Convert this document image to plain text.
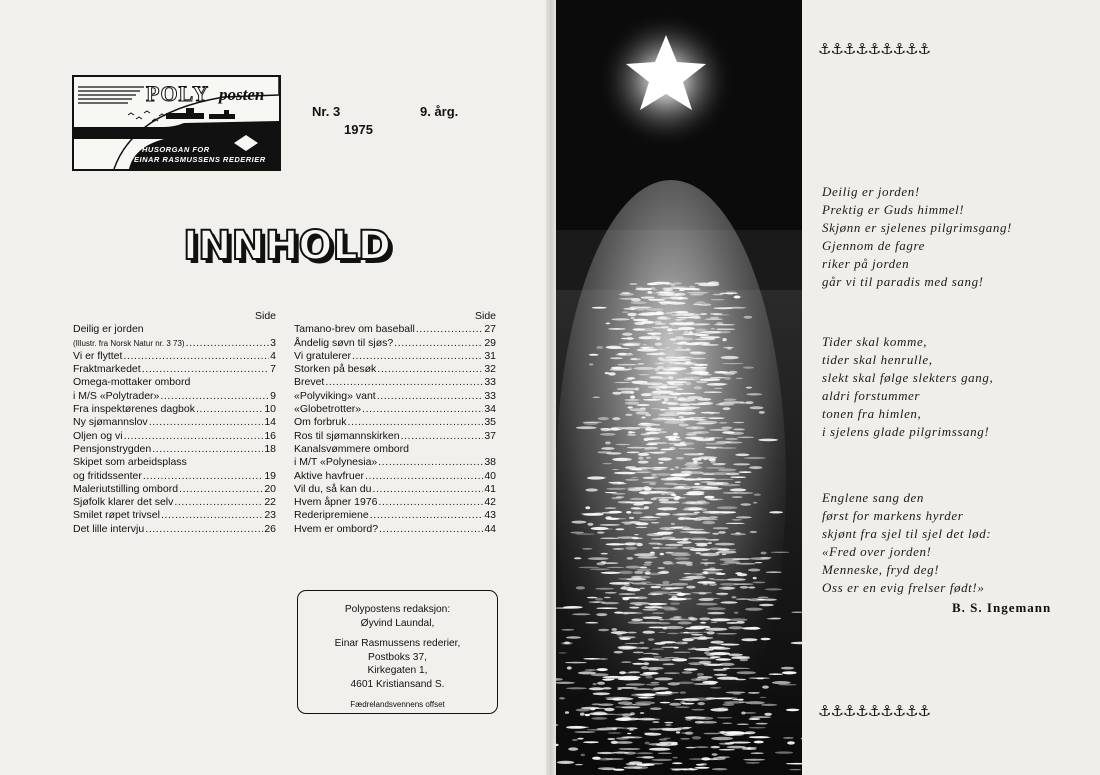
POLY posten
HUSORGAN FOR
EINAR RASMUSSENS REDERIER
Nr. 3	9. årg.
1975
INNHOLD
Side
Deilig er jorden
(Illustr. fra Norsk Natur nr. 3 73) .....	3
Vi er flyttet .....	4
Fraktmarkedet .....	7
Omega-mottaker ombord
i M/S «Polytrader» .....	9
Fra inspektørenes dagbok .....	10
Ny sjømannslov .....	14
Oljen og vi .....	16
Pensjonstrygden .....	18
Skipet som arbeidsplass
og fritidssenter .....	19
Maleriutstilling ombord .....	20
Sjøfolk klarer det selv .....	22
Smilet røpet trivsel .....	23
Det lille intervju .....	26
Side
Tamano-brev om baseball .....	27
Åndelig søvn til sjøs? .....	29
Vi gratulerer .....	31
Storken på besøk .....	32
Brevet .....	33
«Polyviking» vant .....	33
«Globetrotter» .....	34
Om forbruk .....	35
Ros til sjømannskirken .....	37
Kanalsvømmere ombord
i M/T «Polynesia» .....	38
Aktive havfruer .....	40
Vil du, så kan du .....	41
Hvem åpner 1976 .....	42
Rederipremiene .....	43
Hvem er ombord? .....	44
Polypostens redaksjon:
Øyvind Laundal,

Einar Rasmussens rederier,
Postboks 37,
Kirkegaten 1,
4601 Kristiansand S.
Fædrelandsvennens offset
⚓⚓⚓⚓⚓⚓⚓⚓⚓
Deilig er jorden!
Prektig er Guds himmel!
Skjønn er sjelenes pilgrimsgang!
Gjennom de fagre
riker på jorden
går vi til paradis med sang!
Tider skal komme,
tider skal henrulle,
slekt skal følge slekters gang,
aldri forstummer
tonen fra himlen,
i sjelens glade pilgrimssang!
Englene sang den
først for markens hyrder
skjønt fra sjel til sjel det lød:
«Fred over jorden!
Menneske, fryd deg!
Oss er en evig frelser født!»
B. S. Ingemann
⚓⚓⚓⚓⚓⚓⚓⚓⚓
